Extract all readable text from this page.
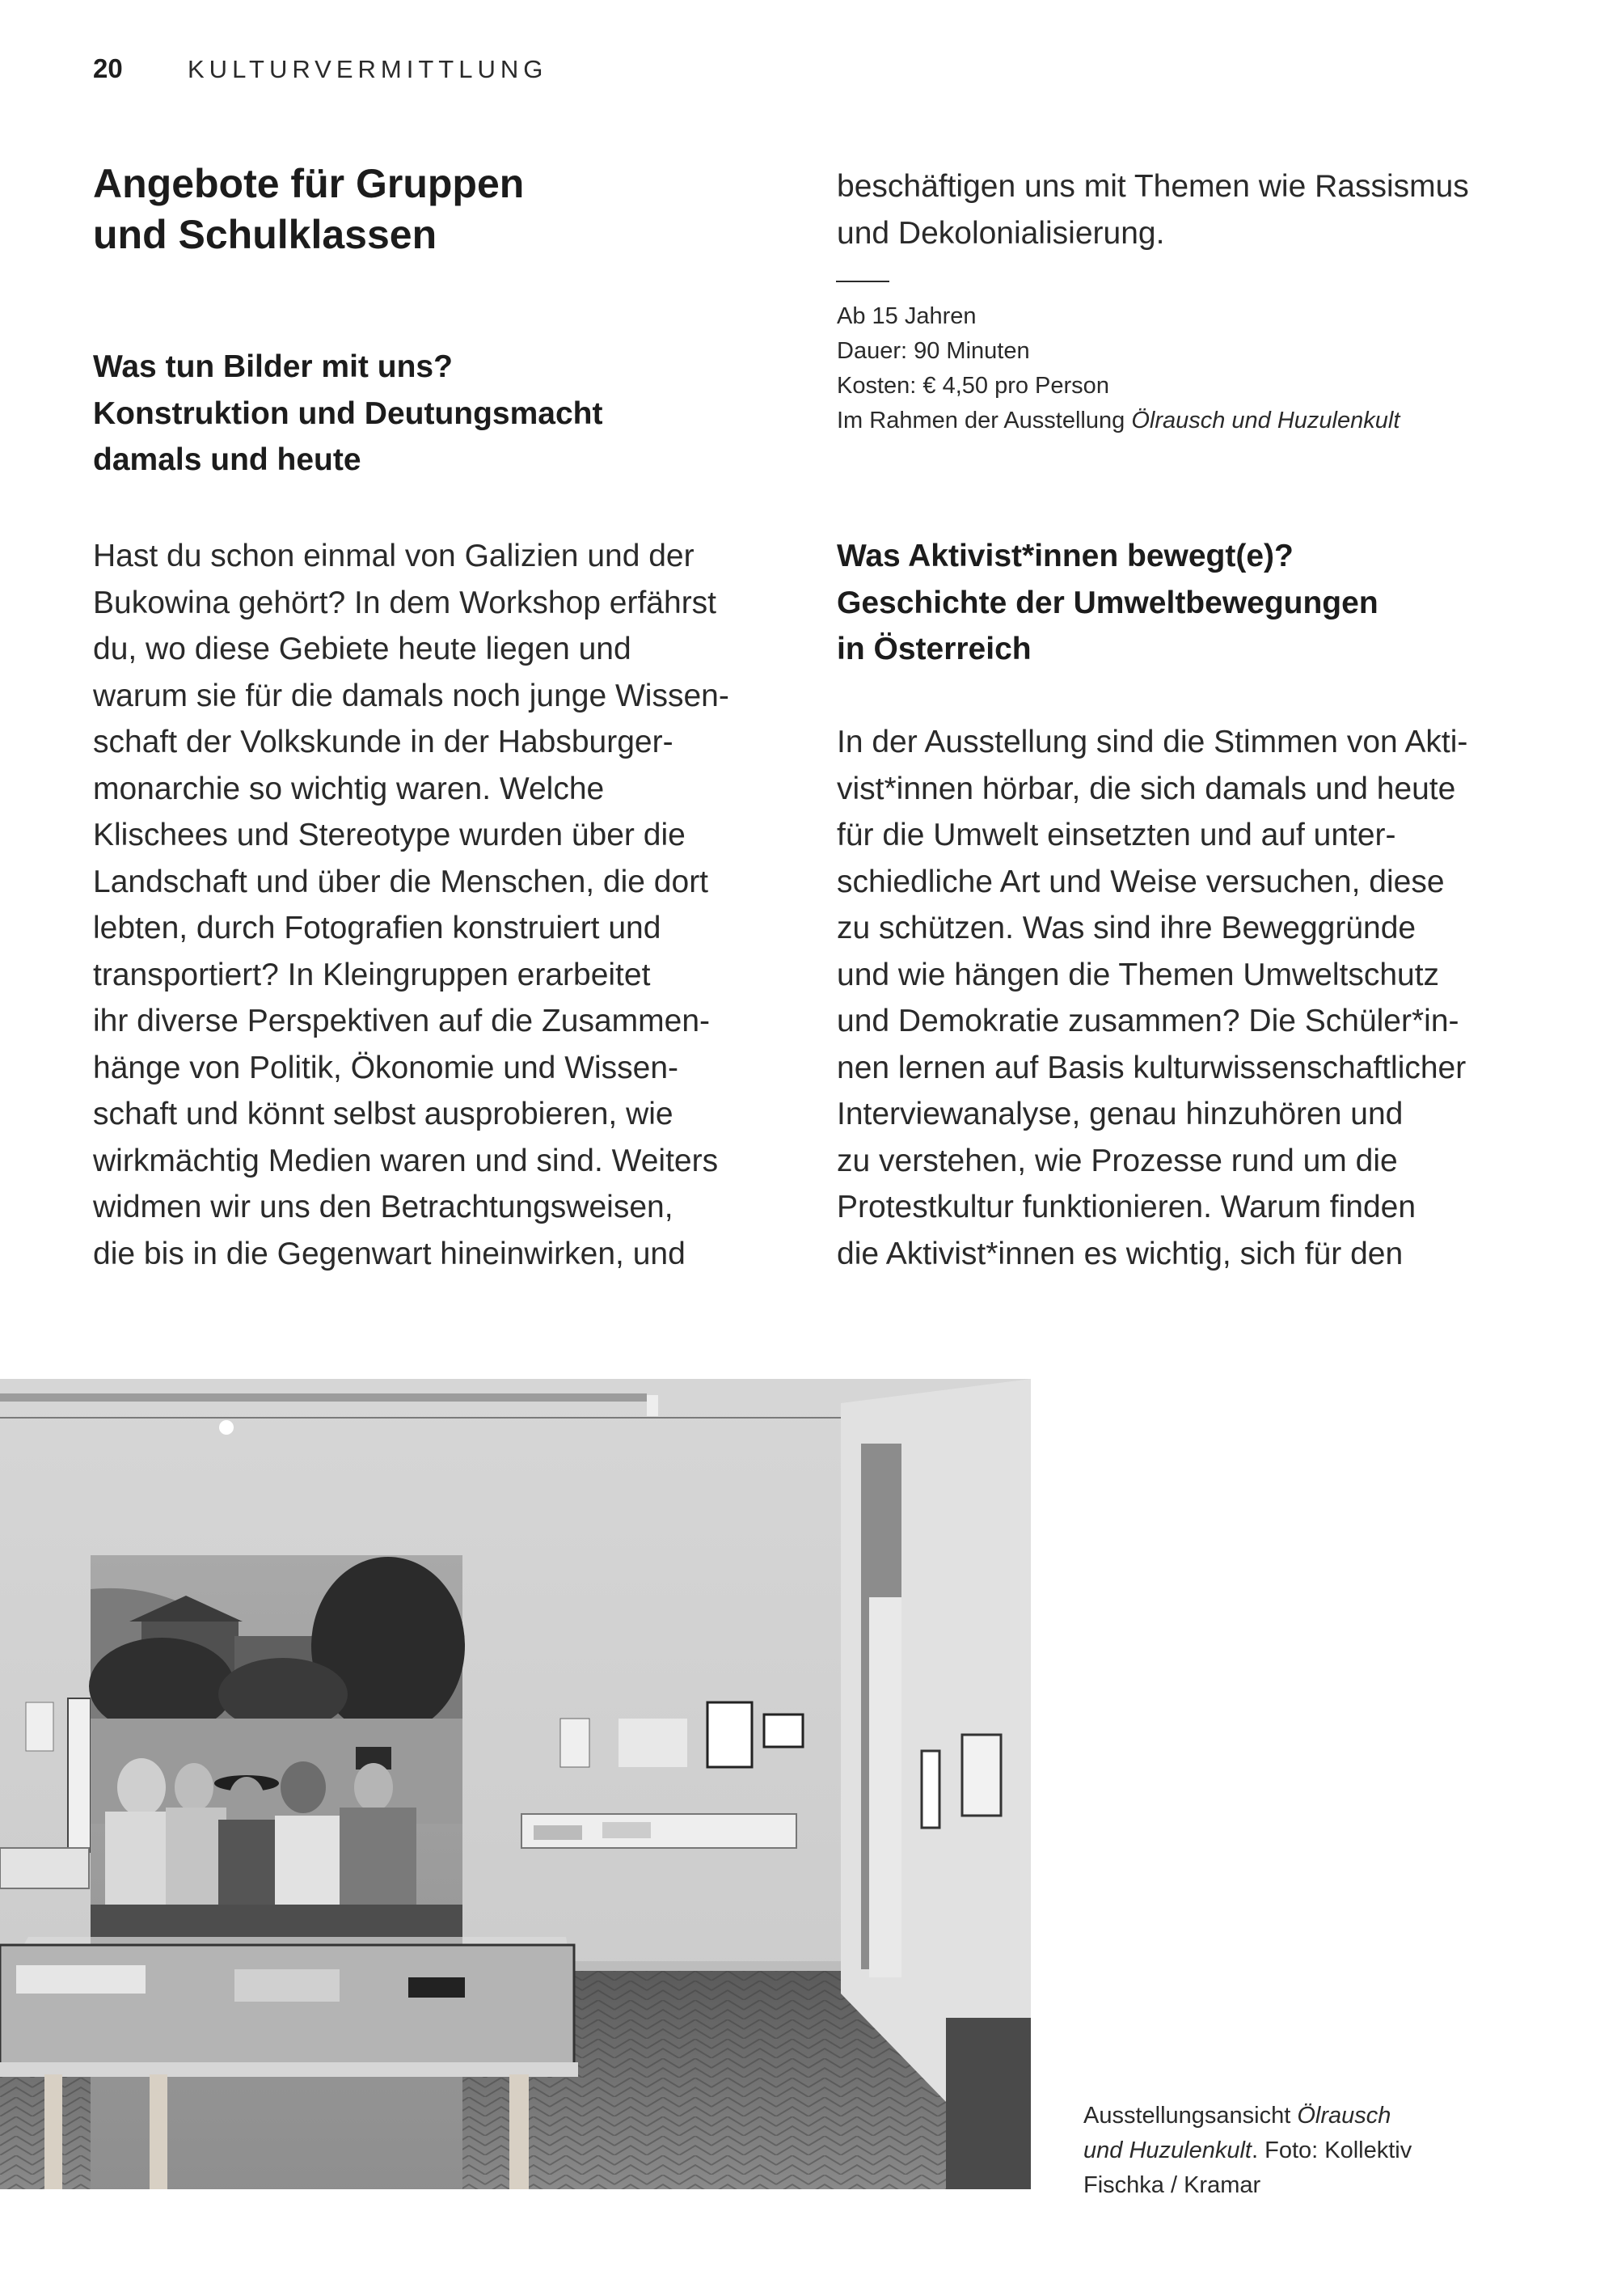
20	KULTURVERMITTLUNG
Angebote für Gruppen
und Schulklassen
Was tun Bilder mit uns?
Konstruktion und Deutungsmacht
damals und heute
Hast du schon einmal von Galizien und der
Bukowina gehört? In dem Workshop erfährst
du, wo diese Gebiete heute liegen und
warum sie für die damals noch junge Wissen-
schaft der Volkskunde in der Habsburger-
monarchie so wichtig waren. Welche
Klischees und Stereotype wurden über die
Landschaft und über die Menschen, die dort
lebten, durch Fotografien konstruiert und
transportiert? In Kleingruppen erarbeitet
ihr diverse Perspektiven auf die Zusammen-
hänge von Politik, Ökonomie und Wissen-
schaft und könnt selbst ausprobieren, wie
wirkmächtig Medien waren und sind. Weiters
widmen wir uns den Betrachtungsweisen,
die bis in die Gegenwart hineinwirken, und
beschäftigen uns mit Themen wie Rassismus
und Dekolonialisierung.
Ab 15 Jahren
Dauer: 90 Minuten
Kosten: € 4,50 pro Person
Im Rahmen der Ausstellung Ölrausch und Huzulenkult
Was Aktivist*innen bewegt(e)?
Geschichte der Umweltbewegungen
in Österreich
In der Ausstellung sind die Stimmen von Akti-
vist*innen hörbar, die sich damals und heute
für die Umwelt einsetzten und auf unter-
schiedliche Art und Weise versuchen, diese
zu schützen. Was sind ihre Beweggründe
und wie hängen die Themen Umweltschutz
und Demokratie zusammen? Die Schüler*in-
nen lernen auf Basis kulturwissenschaftlicher
Interviewanalyse, genau hinzuhören und
zu verstehen, wie Prozesse rund um die
Protestkultur funktionieren. Warum finden
die Aktivist*innen es wichtig, sich für den
Ausstellungsansicht Ölrausch
und Huzulenkult. Foto: Kollektiv
Fischka / Kramar
